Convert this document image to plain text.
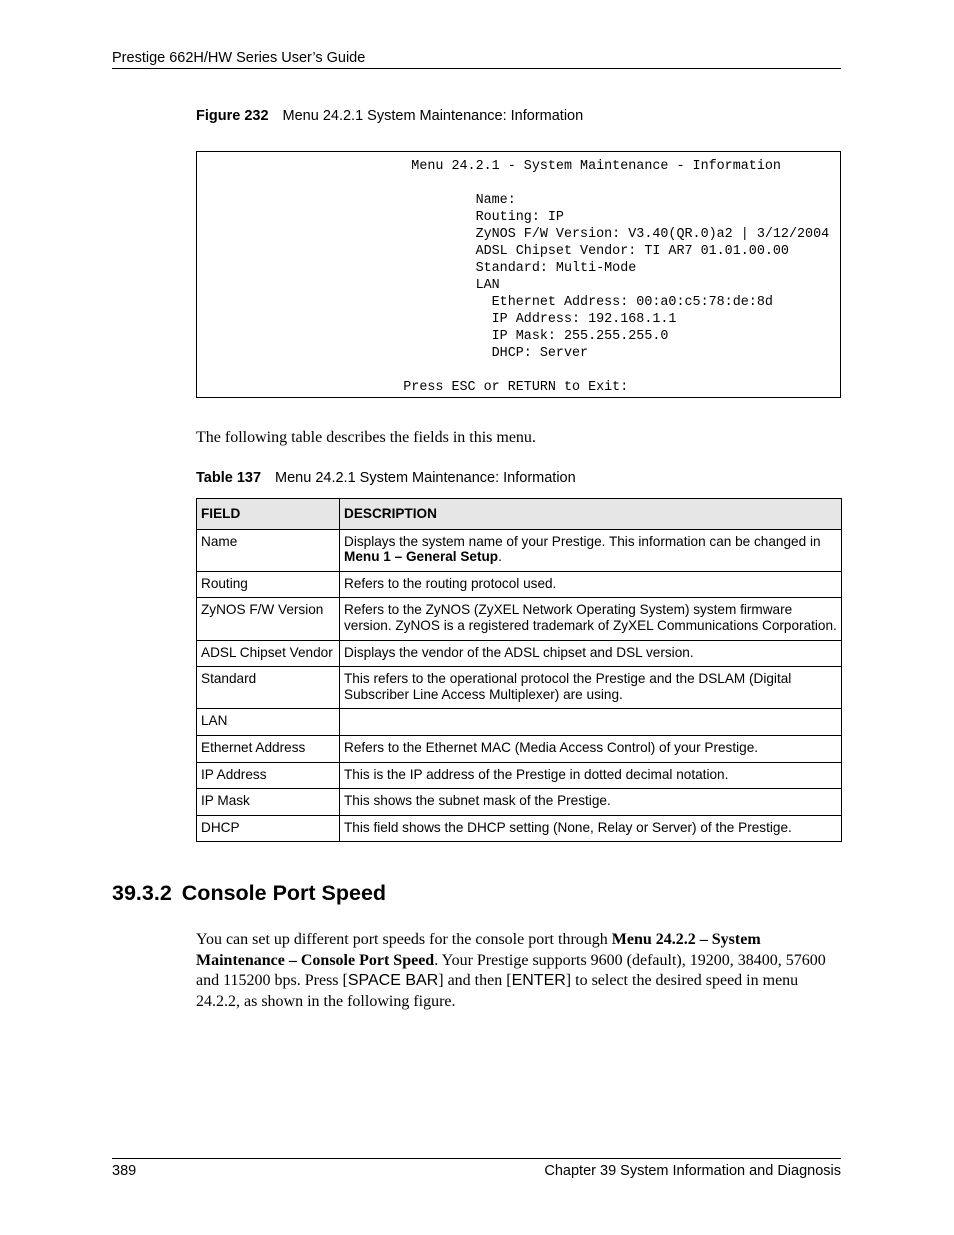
Prestige 662H/HW Series User’s Guide
Figure 232 Menu 24.2.1 System Maintenance: Information
Menu 24.2.1 - System Maintenance - Information

Name:
Routing: IP
ZyNOS F/W Version: V3.40(QR.0)a2 | 3/12/2004
ADSL Chipset Vendor: TI AR7 01.01.00.00
Standard: Multi-Mode
LAN
Ethernet Address: 00:a0:c5:78:de:8d
IP Address: 192.168.1.1
IP Mask: 255.255.255.0
DHCP: Server

Press ESC or RETURN to Exit:
The following table describes the fields in this menu.
Table 137 Menu 24.2.1 System Maintenance: Information
FIELD	DESCRIPTION
Name	Displays the system name of your Prestige. This information can be changed in Menu 1 – General Setup.
Routing	Refers to the routing protocol used.
ZyNOS F/W Version	Refers to the ZyNOS (ZyXEL Network Operating System) system firmware version. ZyNOS is a registered trademark of ZyXEL Communications Corporation.
ADSL Chipset Vendor	Displays the vendor of the ADSL chipset and DSL version.
Standard	This refers to the operational protocol the Prestige and the DSLAM (Digital Subscriber Line Access Multiplexer) are using.
LAN	
Ethernet Address	Refers to the Ethernet MAC (Media Access Control) of your Prestige.
IP Address	This is the IP address of the Prestige in dotted decimal notation.
IP Mask	This shows the subnet mask of the Prestige.
DHCP	This field shows the DHCP setting (None, Relay or Server) of the Prestige.
39.3.2 Console Port Speed
You can set up different port speeds for the console port through Menu 24.2.2 – System Maintenance – Console Port Speed. Your Prestige supports 9600 (default), 19200, 38400, 57600 and 115200 bps. Press [SPACE BAR] and then [ENTER] to select the desired speed in menu 24.2.2, as shown in the following figure.
389	Chapter 39 System Information and Diagnosis
